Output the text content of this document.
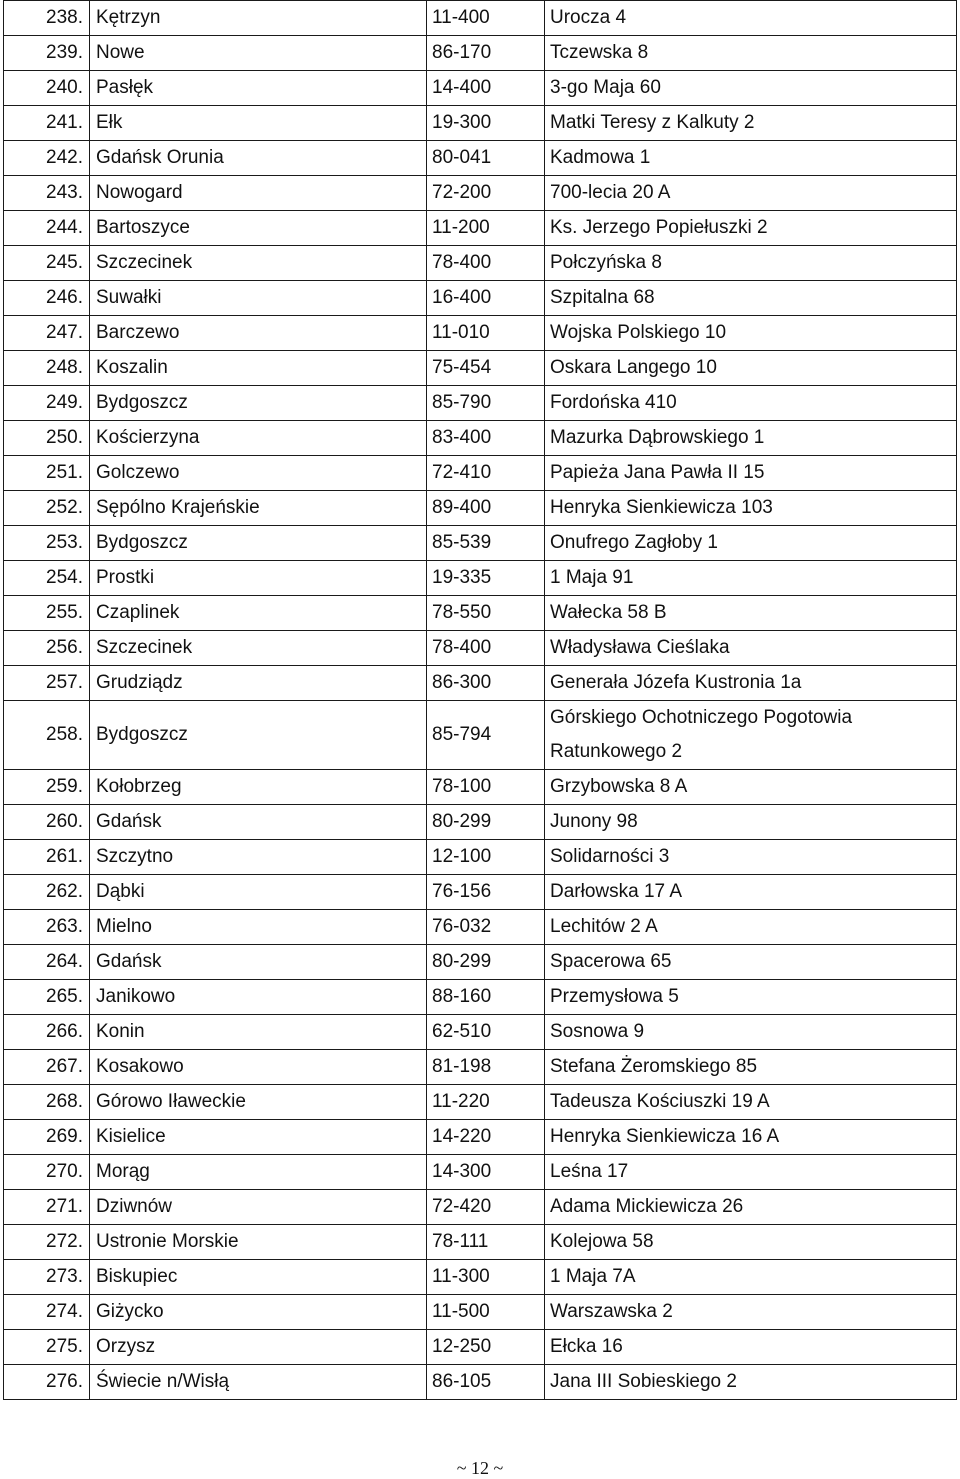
238.	Kętrzyn	11-400	Urocza 4
239.	Nowe	86-170	Tczewska 8
240.	Pasłęk	14-400	3-go Maja 60
241.	Ełk	19-300	Matki Teresy z Kalkuty 2
242.	Gdańsk Orunia	80-041	Kadmowa 1
243.	Nowogard	72-200	700-lecia 20 A
244.	Bartoszyce	11-200	Ks. Jerzego Popiełuszki 2
245.	Szczecinek	78-400	Połczyńska 8
246.	Suwałki	16-400	Szpitalna 68
247.	Barczewo	11-010	Wojska Polskiego 10
248.	Koszalin	75-454	Oskara Langego 10
249.	Bydgoszcz	85-790	Fordońska 410
250.	Kościerzyna	83-400	Mazurka Dąbrowskiego 1
251.	Golczewo	72-410	Papieża Jana Pawła II 15
252.	Sępólno Krajeńskie	89-400	Henryka Sienkiewicza 103
253.	Bydgoszcz	85-539	Onufrego Zagłoby 1
254.	Prostki	19-335	1 Maja 91
255.	Czaplinek	78-550	Wałecka 58 B
256.	Szczecinek	78-400	Władysława Cieślaka
257.	Grudziądz	86-300	Generała Józefa Kustronia 1a
258.	Bydgoszcz	85-794	Górskiego Ochotniczego Pogotowia Ratunkowego 2
259.	Kołobrzeg	78-100	Grzybowska 8 A
260.	Gdańsk	80-299	Junony 98
261.	Szczytno	12-100	Solidarności 3
262.	Dąbki	76-156	Darłowska 17 A
263.	Mielno	76-032	Lechitów 2 A
264.	Gdańsk	80-299	Spacerowa 65
265.	Janikowo	88-160	Przemysłowa 5
266.	Konin	62-510	Sosnowa 9
267.	Kosakowo	81-198	Stefana Żeromskiego 85
268.	Górowo Iławeckie	11-220	Tadeusza Kościuszki 19 A
269.	Kisielice	14-220	Henryka Sienkiewicza 16 A
270.	Morąg	14-300	Leśna 17
271.	Dziwnów	72-420	Adama Mickiewicza 26
272.	Ustronie Morskie	78-111	Kolejowa 58
273.	Biskupiec	11-300	1 Maja 7A
274.	Giżycko	11-500	Warszawska 2
275.	Orzysz	12-250	Ełcka 16
276.	Świecie n/Wisłą	86-105	Jana III Sobieskiego 2
~ 12 ~
